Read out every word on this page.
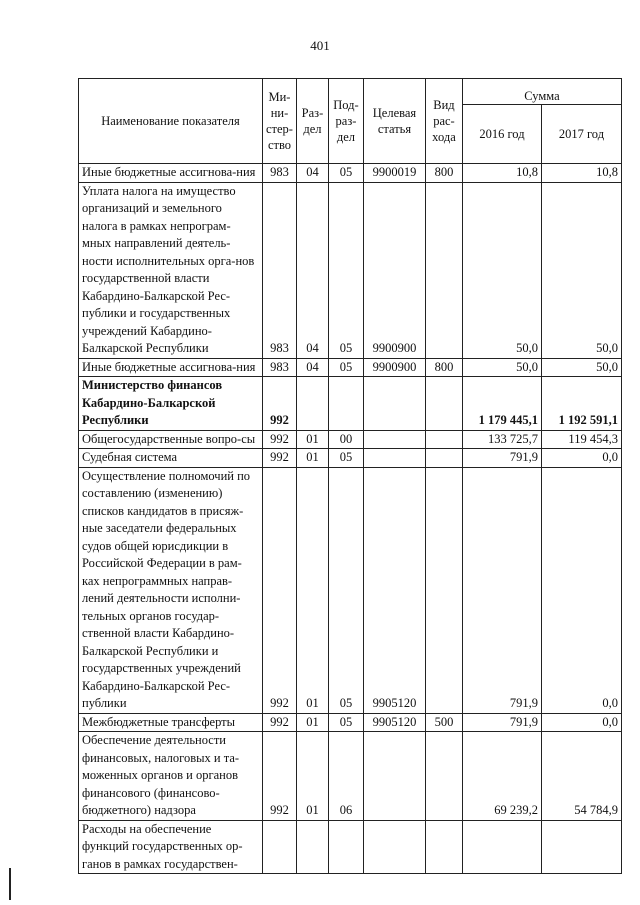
401
Наименование показателя	Ми-ни-стер-ство	Раз-дел	Под-раз-дел	Целевая статья	Вид рас-хода	Сумма	
						2016 год	2017 год
Иные бюджетные ассигнова-ния	983	04	05	9900019	800	10,8	10,8
Уплата налога на имущество организаций и земельного налога в рамках непрограм-мных направлений деятель-ности исполнительных орга-нов государственной власти Кабардино-Балкарской Рес-публики и государственных учреждений Кабардино-Балкарской Республики	983	04	05	9900900		50,0	50,0
Иные бюджетные ассигнова-ния	983	04	05	9900900	800	50,0	50,0
Министерство финансов Кабардино-Балкарской Республики	992					1 179 445,1	1 192 591,1
Общегосударственные вопро-сы	992	01	00			133 725,7	119 454,3
Судебная система	992	01	05			791,9	0,0
Осуществление полномочий по составлению (изменению) списков кандидатов в присяж-ные заседатели федеральных судов общей юрисдикции в Российской Федерации в рам-ках непрограммных направ-лений деятельности исполни-тельных органов государ-ственной власти Кабардино-Балкарской Республики и государственных учреждений Кабардино-Балкарской Рес-публики	992	01	05	9905120		791,9	0,0
Межбюджетные трансферты	992	01	05	9905120	500	791,9	0,0
Обеспечение деятельности финансовых, налоговых и та-моженных органов и органов финансового (финансово-бюджетного) надзора	992	01	06			69 239,2	54 784,9
Расходы на обеспечение функций государственных ор-ганов в рамках государствен-							
